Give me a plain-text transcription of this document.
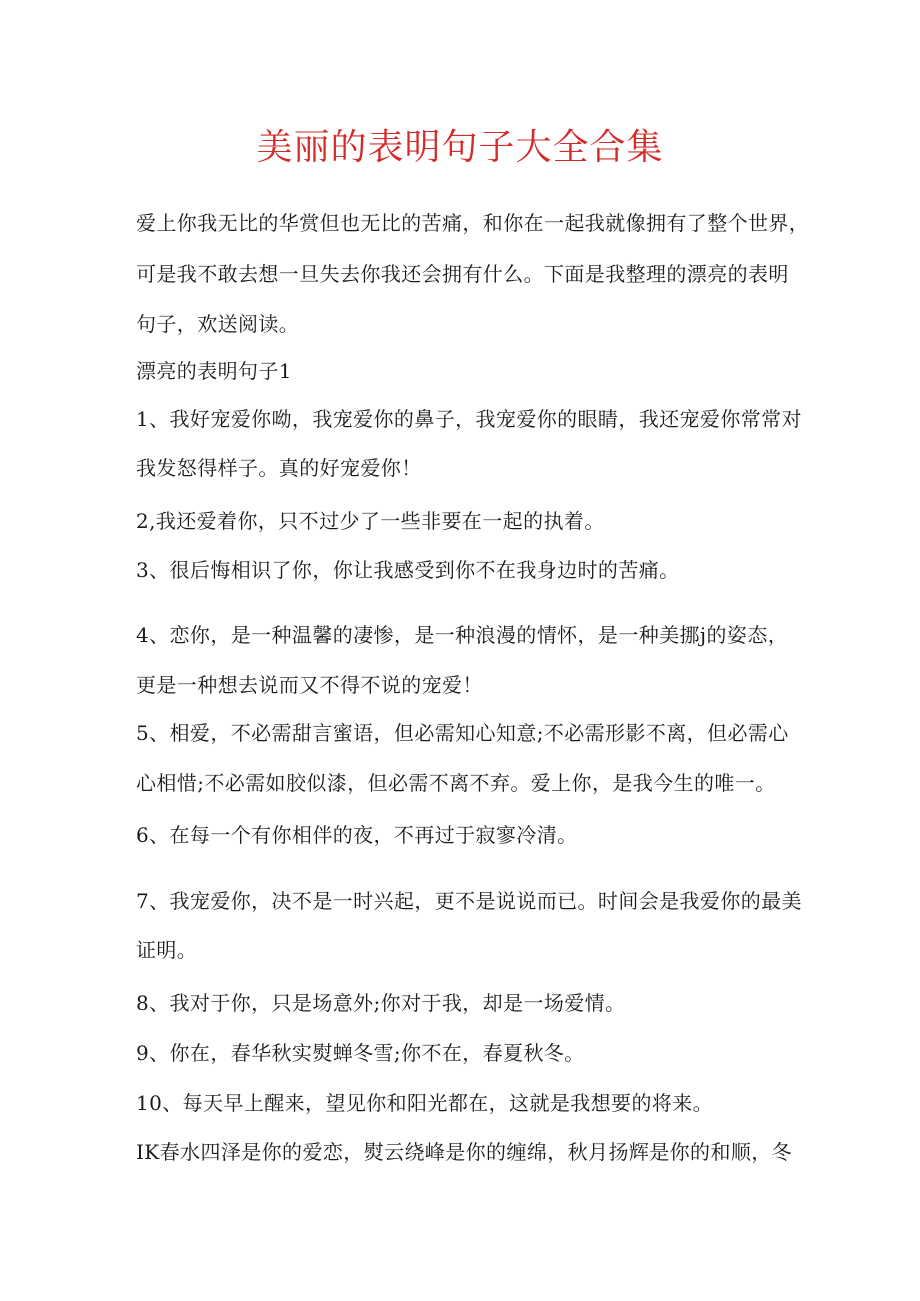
美丽的表明句子大全合集
爱上你我无比的华赏但也无比的苦痛，和你在一起我就像拥有了整个世界，
可是我不敢去想一旦失去你我还会拥有什么。下面是我整理的漂亮的表明
句子，欢送阅读。
漂亮的表明句子1
1、我好宠爱你呦，我宠爱你的鼻子，我宠爱你的眼睛，我还宠爱你常常对
我发怒得样子。真的好宠爱你！
2,我还爱着你，只不过少了一些非要在一起的执着。
3、很后悔相识了你，你让我感受到你不在我身边时的苦痛。
4、恋你，是一种温馨的凄惨，是一种浪漫的情怀，是一种美挪j的姿态，
更是一种想去说而又不得不说的宠爱！
5、相爱，不必需甜言蜜语，但必需知心知意;不必需形影不离，但必需心
心相惜;不必需如胶似漆，但必需不离不弃。爱上你，是我今生的唯一。
6、在每一个有你相伴的夜，不再过于寂寥冷清。
7、我宠爱你，决不是一时兴起，更不是说说而已。时间会是我爱你的最美
证明。
8、我对于你，只是场意外;你对于我，却是一场爱情。
9、你在，春华秋实熨蝉冬雪;你不在，春夏秋冬。
10、每天早上醒来，望见你和阳光都在，这就是我想要的将来。
IK春水四泽是你的爱恋，熨云绕峰是你的缠绵，秋月扬辉是你的和顺，冬
